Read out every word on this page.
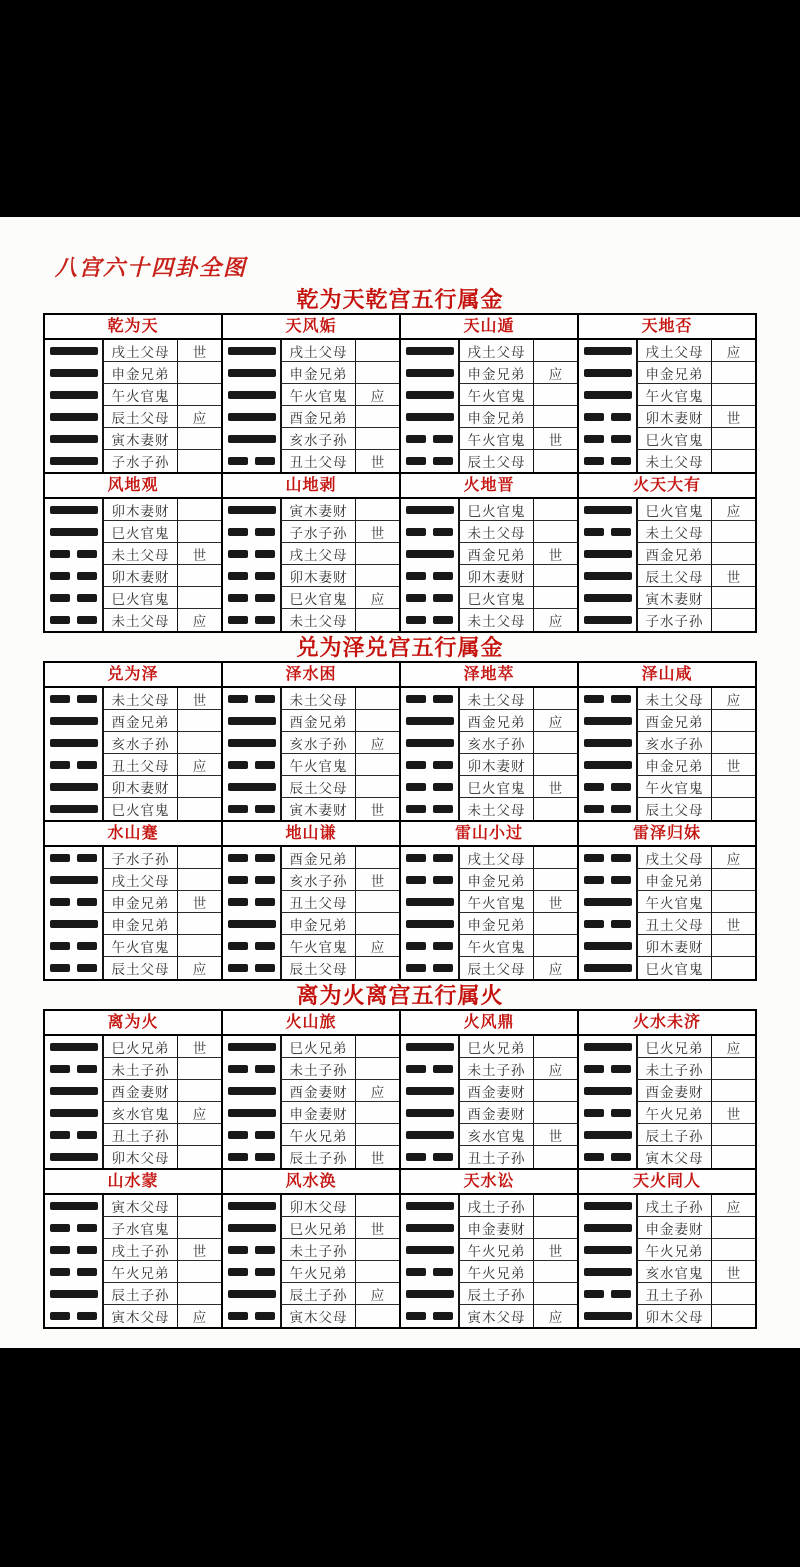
八宫六十四卦全图
乾为天乾宫五行属金
乾为天
戌土父母	世
申金兄弟
午火官鬼
辰土父母	应
寅木妻财
子水子孙
天风姤
戌土父母
申金兄弟
午火官鬼	应
酉金兄弟
亥水子孙
丑土父母	世
天山遁
戌土父母
申金兄弟	应
午火官鬼
申金兄弟
午火官鬼	世
辰土父母
天地否
戌土父母	应
申金兄弟
午火官鬼
卯木妻财	世
巳火官鬼
未土父母
风地观
卯木妻财
巳火官鬼
未土父母	世
卯木妻财
巳火官鬼
未土父母	应
山地剥
寅木妻财
子水子孙	世
戌土父母
卯木妻财
巳火官鬼	应
未土父母
火地晋
巳火官鬼
未土父母
酉金兄弟	世
卯木妻财
巳火官鬼
未土父母	应
火天大有
巳火官鬼	应
未土父母
酉金兄弟
辰土父母	世
寅木妻财
子水子孙
兑为泽兑宫五行属金
兑为泽
未土父母	世
酉金兄弟
亥水子孙
丑土父母	应
卯木妻财
巳火官鬼
泽水困
未土父母
酉金兄弟
亥水子孙	应
午火官鬼
辰土父母
寅木妻财	世
泽地萃
未土父母
酉金兄弟	应
亥水子孙
卯木妻财
巳火官鬼	世
未土父母
泽山咸
未土父母	应
酉金兄弟
亥水子孙
申金兄弟	世
午火官鬼
辰土父母
水山蹇
子水子孙
戌土父母
申金兄弟	世
申金兄弟
午火官鬼
辰土父母	应
地山谦
酉金兄弟
亥水子孙	世
丑土父母
申金兄弟
午火官鬼	应
辰土父母
雷山小过
戌土父母
申金兄弟
午火官鬼	世
申金兄弟
午火官鬼
辰土父母	应
雷泽归妹
戌土父母	应
申金兄弟
午火官鬼
丑土父母	世
卯木妻财
巳火官鬼
离为火离宫五行属火
离为火
巳火兄弟	世
未土子孙
酉金妻财
亥水官鬼	应
丑土子孙
卯木父母
火山旅
巳火兄弟
未土子孙
酉金妻财	应
申金妻财
午火兄弟
辰土子孙	世
火风鼎
巳火兄弟
未土子孙	应
酉金妻财
酉金妻财
亥水官鬼	世
丑土子孙
火水未济
巳火兄弟	应
未土子孙
酉金妻财
午火兄弟	世
辰土子孙
寅木父母
山水蒙
寅木父母
子水官鬼
戌土子孙	世
午火兄弟
辰土子孙
寅木父母	应
风水涣
卯木父母
巳火兄弟	世
未土子孙
午火兄弟
辰土子孙	应
寅木父母
天水讼
戌土子孙
申金妻财
午火兄弟	世
午火兄弟
辰土子孙
寅木父母	应
天火同人
戌土子孙	应
申金妻财
午火兄弟
亥水官鬼	世
丑土子孙
卯木父母
